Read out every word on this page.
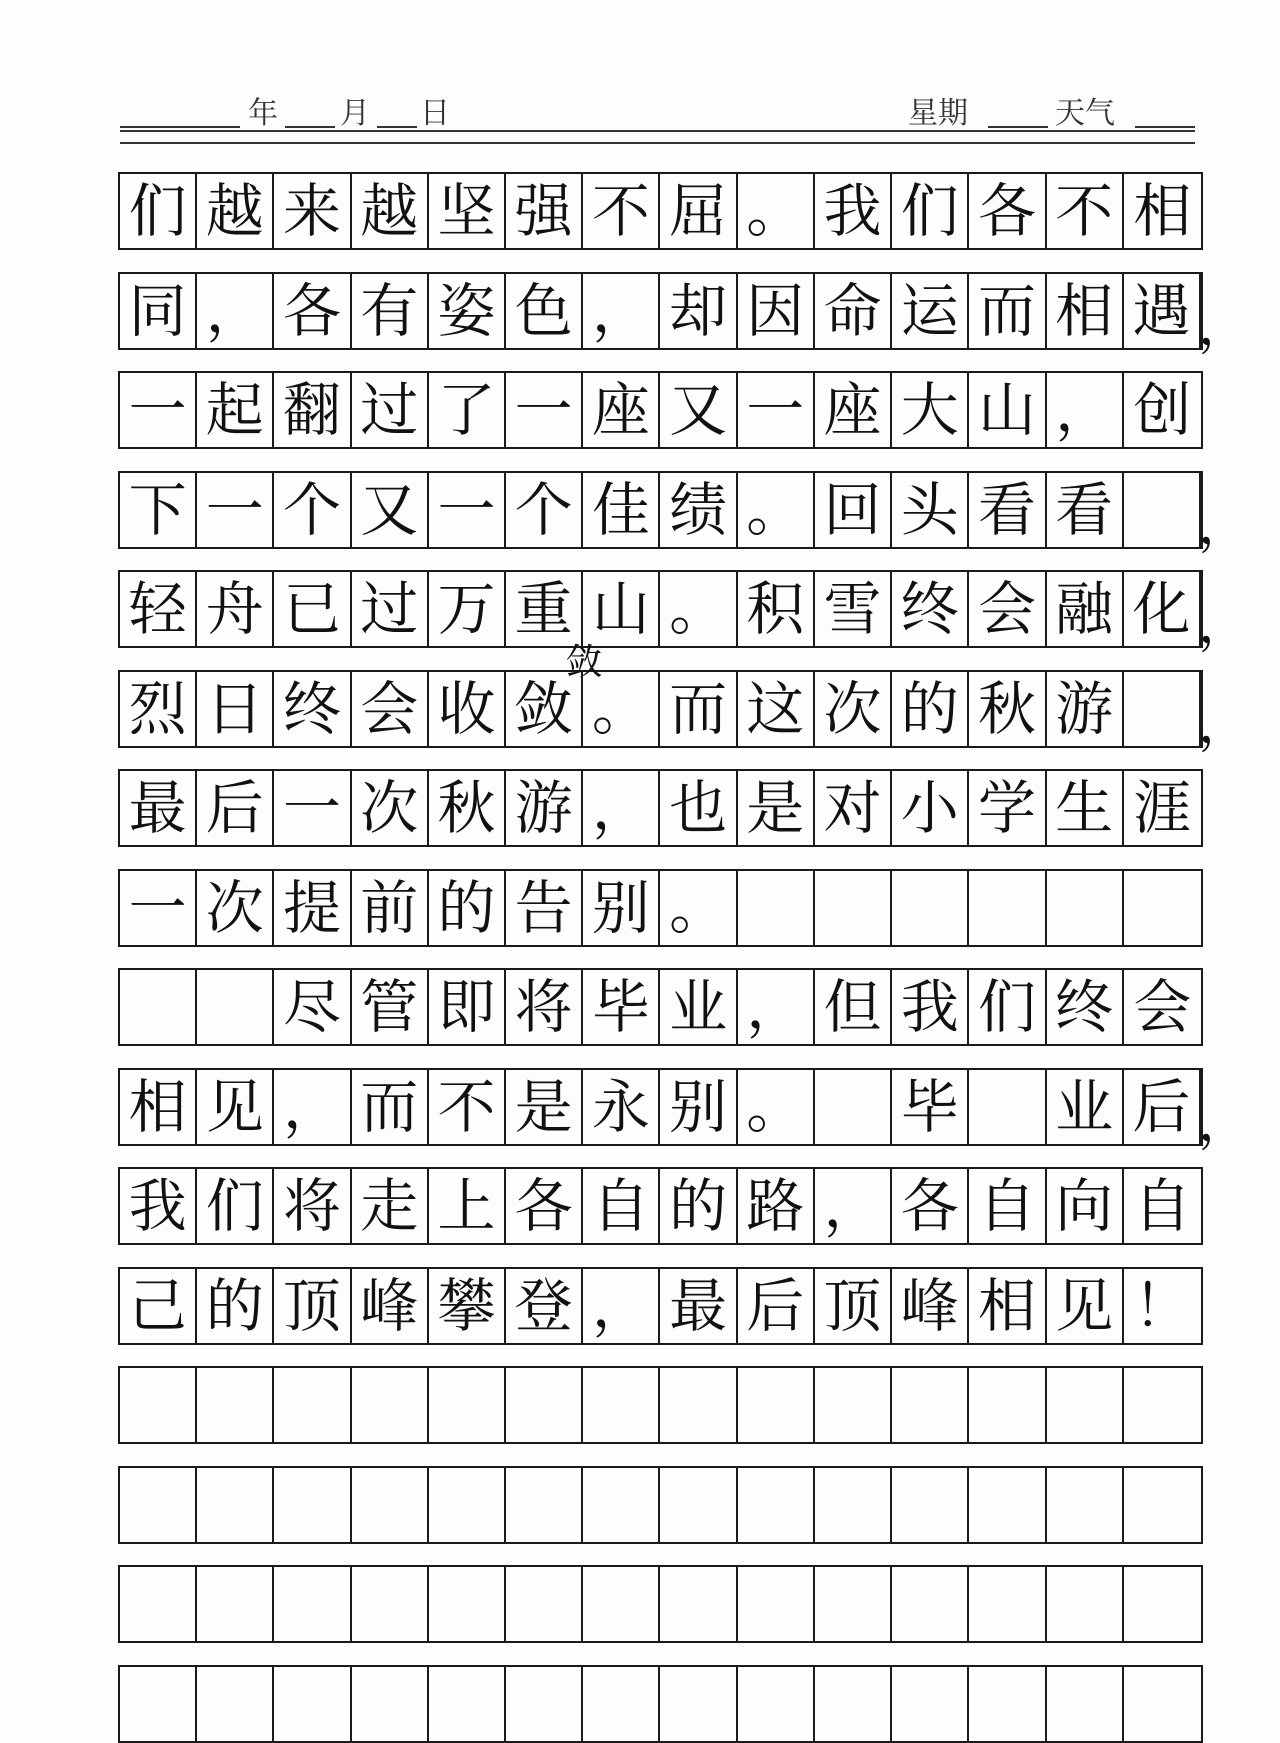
年 月 日	星期	天气
们 越 来 越 坚 强 不 屈 。 我 们 各 不 相
同 ， 各 有 姿 色 ， 却 因 命 运 而 相 遇 ，
一 起 翻 过 了 一 座 又 一 座 大 山 ， 创
下 一 个 又 一 个 佳 绩 。 回 头 看 看 ，
轻 舟 已 过 万 重 山 。 积 雪 终 会 融 化 ，
烈 日 终 会 收 敛 。 而 这 次 的 秋 游 ，
敛
最 后 一 次 秋 游 ， 也 是 对 小 学 生 涯
一 次 提 前 的 告 别 。
尽 管 即 将 毕 业 ， 但 我 们 终 会
相 见 ， 而 不 是 永 别 。 毕 业 后 ，
我 们 将 走 上 各 自 的 路 ， 各 自 向 自
己 的 顶 峰 攀 登 ， 最 后 顶 峰 相 见 ！
